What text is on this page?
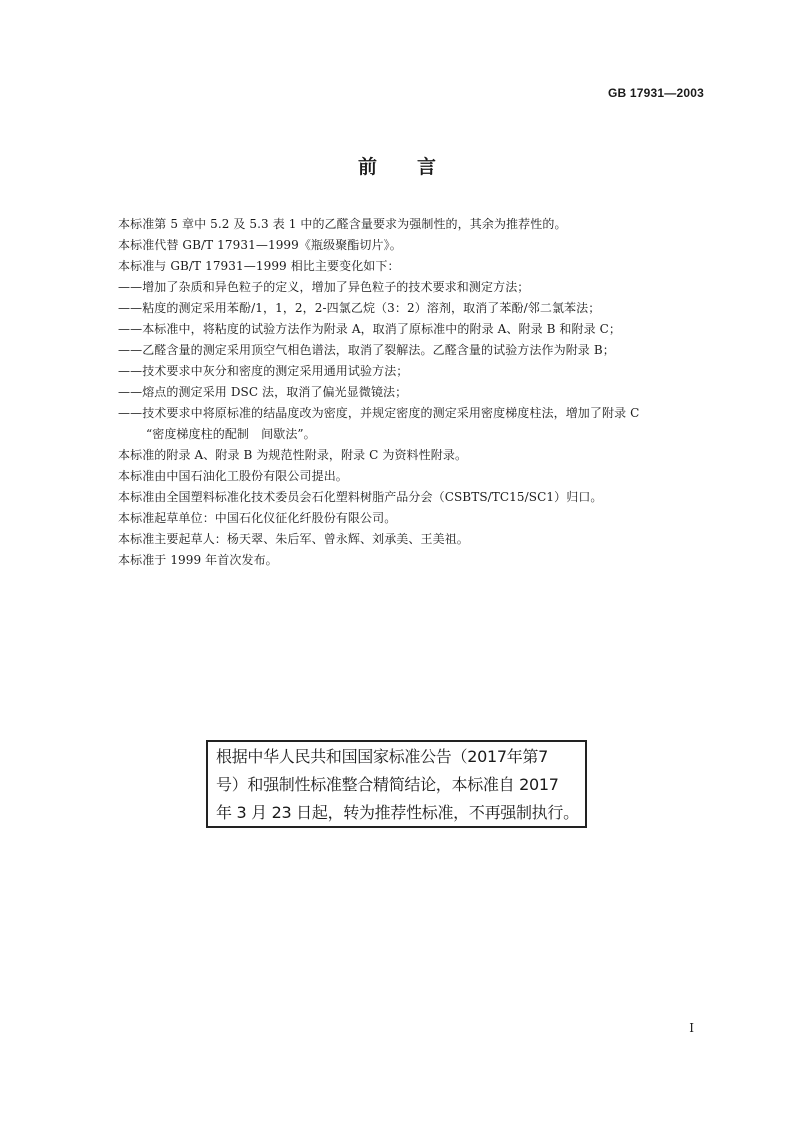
GB 17931—2003
前言
本标准第 5 章中 5.2 及 5.3 表 1 中的乙醛含量要求为强制性的，其余为推荐性的。
本标准代替 GB/T 17931—1999《瓶级聚酯切片》。
本标准与 GB/T 17931—1999 相比主要变化如下：
——增加了杂质和异色粒子的定义，增加了异色粒子的技术要求和测定方法；
——粘度的测定采用苯酚/1，1，2，2-四氯乙烷（3：2）溶剂，取消了苯酚/邻二氯苯法；
——本标准中，将粘度的试验方法作为附录 A，取消了原标准中的附录 A、附录 B 和附录 C；
——乙醛含量的测定采用顶空气相色谱法，取消了裂解法。乙醛含量的试验方法作为附录 B；
——技术要求中灰分和密度的测定采用通用试验方法；
——熔点的测定采用 DSC 法，取消了偏光显微镜法；
——技术要求中将原标准的结晶度改为密度，并规定密度的测定采用密度梯度柱法，增加了附录 C
“密度梯度柱的配制　间歇法”。
本标准的附录 A、附录 B 为规范性附录，附录 C 为资料性附录。
本标准由中国石油化工股份有限公司提出。
本标准由全国塑料标准化技术委员会石化塑料树脂产品分会（CSBTS/TC15/SC1）归口。
本标准起草单位：中国石化仪征化纤股份有限公司。
本标准主要起草人：杨天翠、朱后军、曾永辉、刘承美、王美祖。
本标准于 1999 年首次发布。
根据中华人民共和国国家标准公告（2017年第7
号）和强制性标准整合精简结论，本标准自 2017
年 3 月 23 日起，转为推荐性标准，不再强制执行。
I
